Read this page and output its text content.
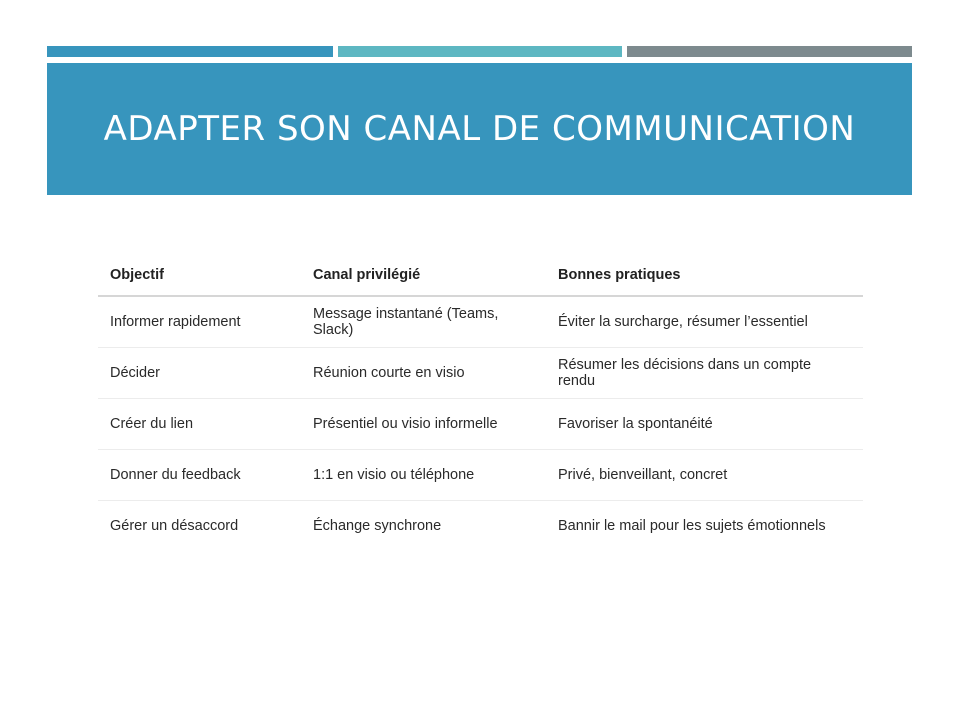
ADAPTER SON CANAL DE COMMUNICATION
Objectif	Canal privilégié	Bonnes pratiques
Informer rapidement	Message instantané (Teams, Slack)	Éviter la surcharge, résumer l’essentiel
Décider	Réunion courte en visio	Résumer les décisions dans un compte rendu
Créer du lien	Présentiel ou visio informelle	Favoriser la spontanéité
Donner du feedback	1:1 en visio ou téléphone	Privé, bienveillant, concret
Gérer un désaccord	Échange synchrone	Bannir le mail pour les sujets émotionnels
